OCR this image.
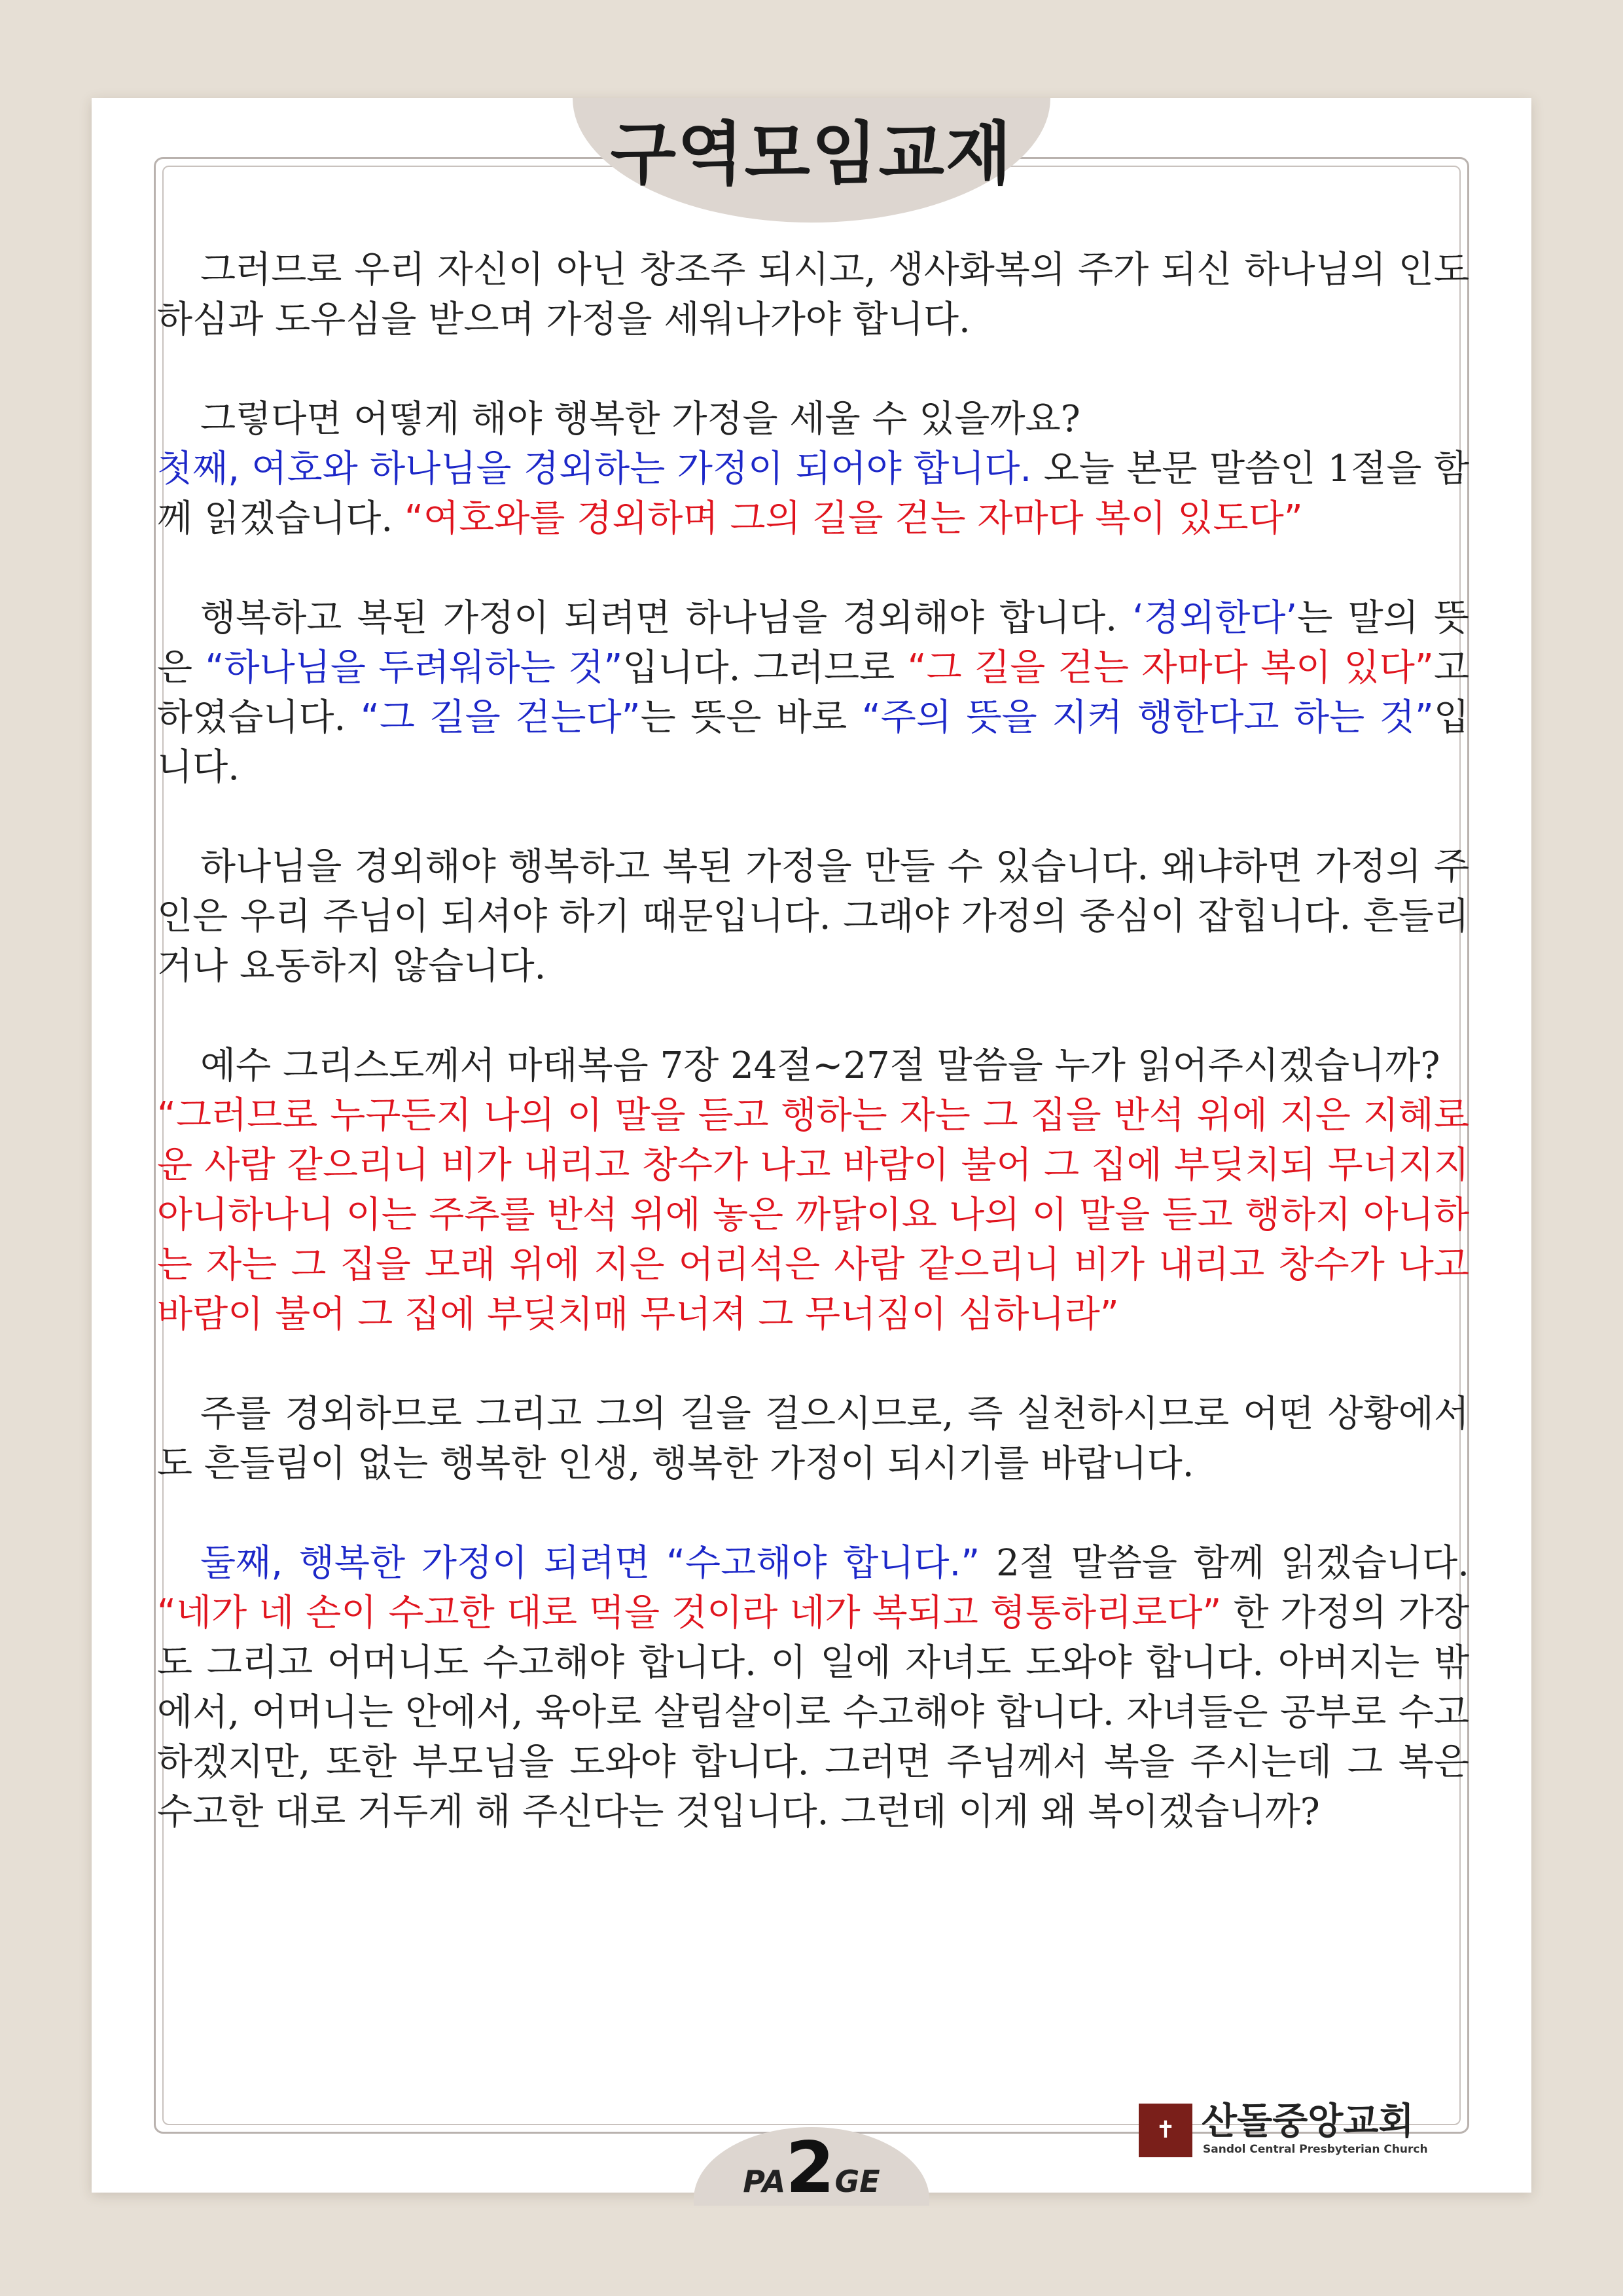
구역모임교재

그러므로 우리 자신이 아닌 창조주 되시고, 생사화복의 주가 되신 하나님의 인도하심과 도우심을 받으며 가정을 세워나가야 합니다.

그렇다면 어떻게 해야 행복한 가정을 세울 수 있을까요?
첫째, 여호와 하나님을 경외하는 가정이 되어야 합니다. 오늘 본문 말씀인 1절을 함께 읽겠습니다. “여호와를 경외하며 그의 길을 걷는 자마다 복이 있도다”

행복하고 복된 가정이 되려면 하나님을 경외해야 합니다. ‘경외한다’는 말의 뜻은 “하나님을 두려워하는 것”입니다. 그러므로 “그 길을 걷는 자마다 복이 있다”고 하였습니다. “그 길을 걷는다”는 뜻은 바로 “주의 뜻을 지켜 행한다고 하는 것”입니다.

하나님을 경외해야 행복하고 복된 가정을 만들 수 있습니다. 왜냐하면 가정의 주인은 우리 주님이 되셔야 하기 때문입니다. 그래야 가정의 중심이 잡힙니다. 흔들리거나 요동하지 않습니다.

예수 그리스도께서 마태복음 7장 24절~27절 말씀을 누가 읽어주시겠습니까?
“그러므로 누구든지 나의 이 말을 듣고 행하는 자는 그 집을 반석 위에 지은 지혜로운 사람 같으리니 비가 내리고 창수가 나고 바람이 불어 그 집에 부딪치되 무너지지 아니하나니 이는 주추를 반석 위에 놓은 까닭이요 나의 이 말을 듣고 행하지 아니하는 자는 그 집을 모래 위에 지은 어리석은 사람 같으리니 비가 내리고 창수가 나고 바람이 불어 그 집에 부딪치매 무너져 그 무너짐이 심하니라”

주를 경외하므로 그리고 그의 길을 걸으시므로, 즉 실천하시므로 어떤 상황에서도 흔들림이 없는 행복한 인생, 행복한 가정이 되시기를 바랍니다.

둘째, 행복한 가정이 되려면 “수고해야 합니다.” 2절 말씀을 함께 읽겠습니다. “네가 네 손이 수고한 대로 먹을 것이라 네가 복되고 형통하리로다” 한 가정의 가장도 그리고 어머니도 수고해야 합니다. 이 일에 자녀도 도와야 합니다. 아버지는 밖에서, 어머니는 안에서, 육아로 살림살이로 수고해야 합니다. 자녀들은 공부로 수고하겠지만, 또한 부모님을 도와야 합니다. 그러면 주님께서 복을 주시는데 그 복은 수고한 대로 거두게 해 주신다는 것입니다. 그런데 이게 왜 복이겠습니까?

✝ 산돌중앙교회
Sandol Central Presbyterian Church
PA2GE
